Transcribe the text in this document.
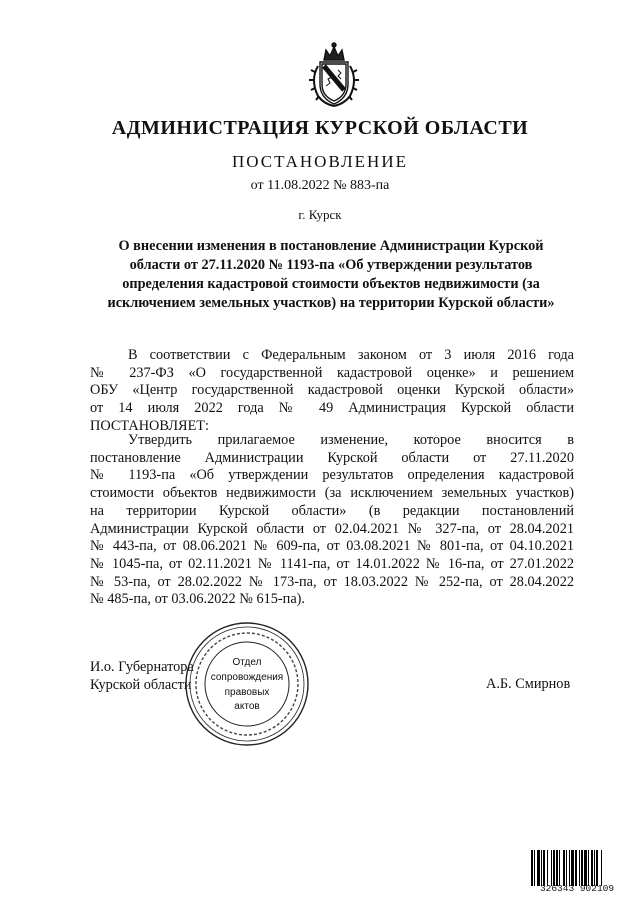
АДМИНИСТРАЦИЯ КУРСКОЙ ОБЛАСТИ
ПОСТАНОВЛЕНИЕ
от 11.08.2022 № 883-па
г. Курск
О внесении изменения в постановление Администрации Курской
области от 27.11.2020 № 1193-па «Об утверждении результатов
определения кадастровой стоимости объектов недвижимости (за
исключением земельных участков) на территории Курской области»
В соответствии с Федеральным законом от 3 июля 2016 года
№ 237-ФЗ «О государственной кадастровой оценке» и решением
ОБУ «Центр государственной кадастровой оценки Курской области»
от 14 июля 2022 года № 49 Администрация Курской области
ПОСТАНОВЛЯЕТ:
Утвердить прилагаемое изменение, которое вносится в
постановление Администрации Курской области от 27.11.2020
№ 1193-па «Об утверждении результатов определения кадастровой
стоимости объектов недвижимости (за исключением земельных участков)
на территории Курской области» (в редакции постановлений
Администрации Курской области от 02.04.2021 № 327-па, от 28.04.2021
№ 443-па, от 08.06.2021 № 609-па, от 03.08.2021 № 801-па, от 04.10.2021
№ 1045-па, от 02.11.2021 № 1141-па, от 14.01.2022 № 16-па, от 27.01.2022
№ 53-па, от 28.02.2022 № 173-па, от 18.03.2022 № 252-па, от 28.04.2022
№ 485-па, от 03.06.2022 № 615-па).
И.о. Губернатора
Курской области	А.Б. Смирнов
Отдел
сопровождения
правовых
актов
326343 902109
